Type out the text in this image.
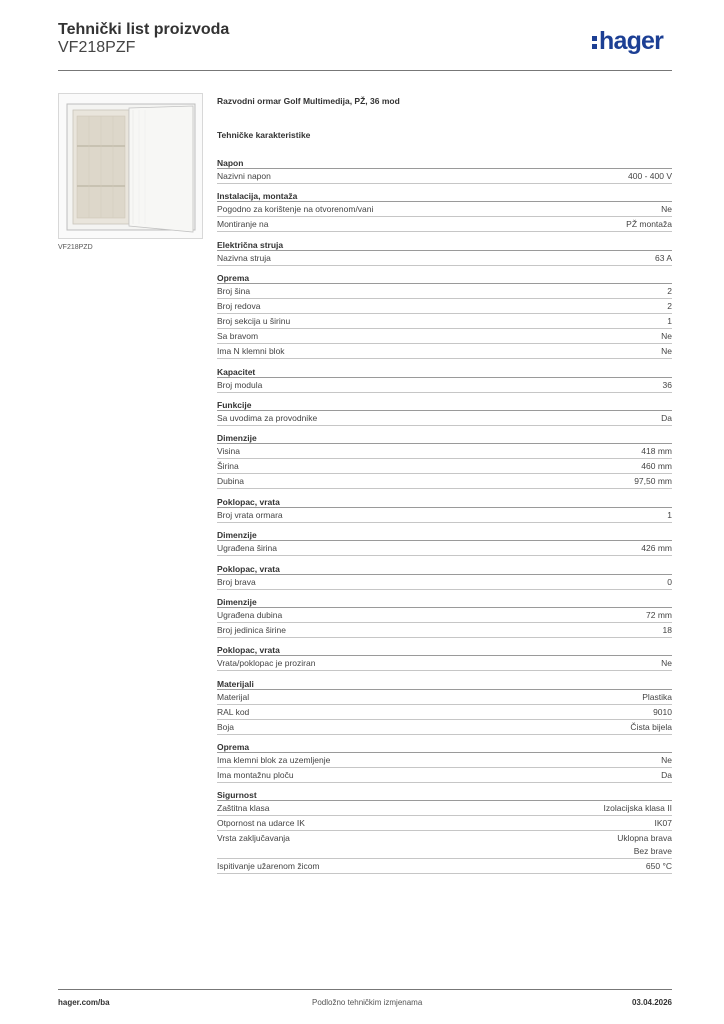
Tehnički list proizvoda
VF218PZF	hager
VF218PZD
Razvodni ormar Golf Multimedija, PŽ, 36 mod
Tehničke karakteristike
Napon
Nazivni napon	400 - 400 V
Instalacija, montaža
Pogodno za korištenje na otvorenom/vani	Ne
Montiranje na	PŽ montaža
Električna struja
Nazivna struja	63 A
Oprema
Broj šina	2
Broj redova	2
Broj sekcija u širinu	1
Sa bravom	Ne
Ima N klemni blok	Ne
Kapacitet
Broj modula	36
Funkcije
Sa uvodima za provodnike	Da
Dimenzije
Visina	418 mm
Širina	460 mm
Dubina	97,50 mm
Poklopac, vrata
Broj vrata ormara	1
Dimenzije
Ugrađena širina	426 mm
Poklopac, vrata
Broj brava	0
Dimenzije
Ugrađena dubina	72 mm
Broj jedinica širine	18
Poklopac, vrata
Vrata/poklopac je proziran	Ne
Materijali
Materijal	Plastika
RAL kod	9010
Boja	Čista bijela
Oprema
Ima klemni blok za uzemljenje	Ne
Ima montažnu ploču	Da
Sigurnost
Zaštitna klasa	Izolacijska klasa II
Otpornost na udarce IK	IK07
Vrsta zaključavanja	Uklopna brava
Bez brave
Ispitivanje užarenom žicom	650 °C
hager.com/ba	Podložno tehničkim izmjenama	03.04.2026
